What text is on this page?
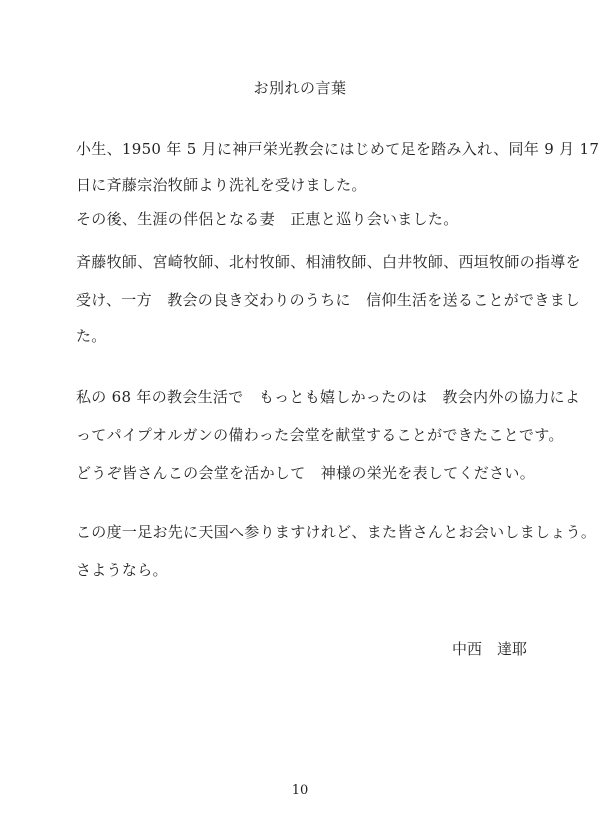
お別れの言葉
小生、1950 年 5 月に神戸栄光教会にはじめて足を踏み入れ、同年 9 月 17
日に斉藤宗治牧師より洗礼を受けました。
その後、生涯の伴侶となる妻　正恵と巡り会いました。
斉藤牧師、宮崎牧師、北村牧師、相浦牧師、白井牧師、西垣牧師の指導を
受け、一方　教会の良き交わりのうちに　信仰生活を送ることができまし
た。
私の 68 年の教会生活で　もっとも嬉しかったのは　教会内外の協力によ
ってパイプオルガンの備わった会堂を献堂することができたことです。
どうぞ皆さんこの会堂を活かして　神様の栄光を表してください。
この度一足お先に天国へ参りますけれど、また皆さんとお会いしましょう。
さようなら。
中西　達耶
10
